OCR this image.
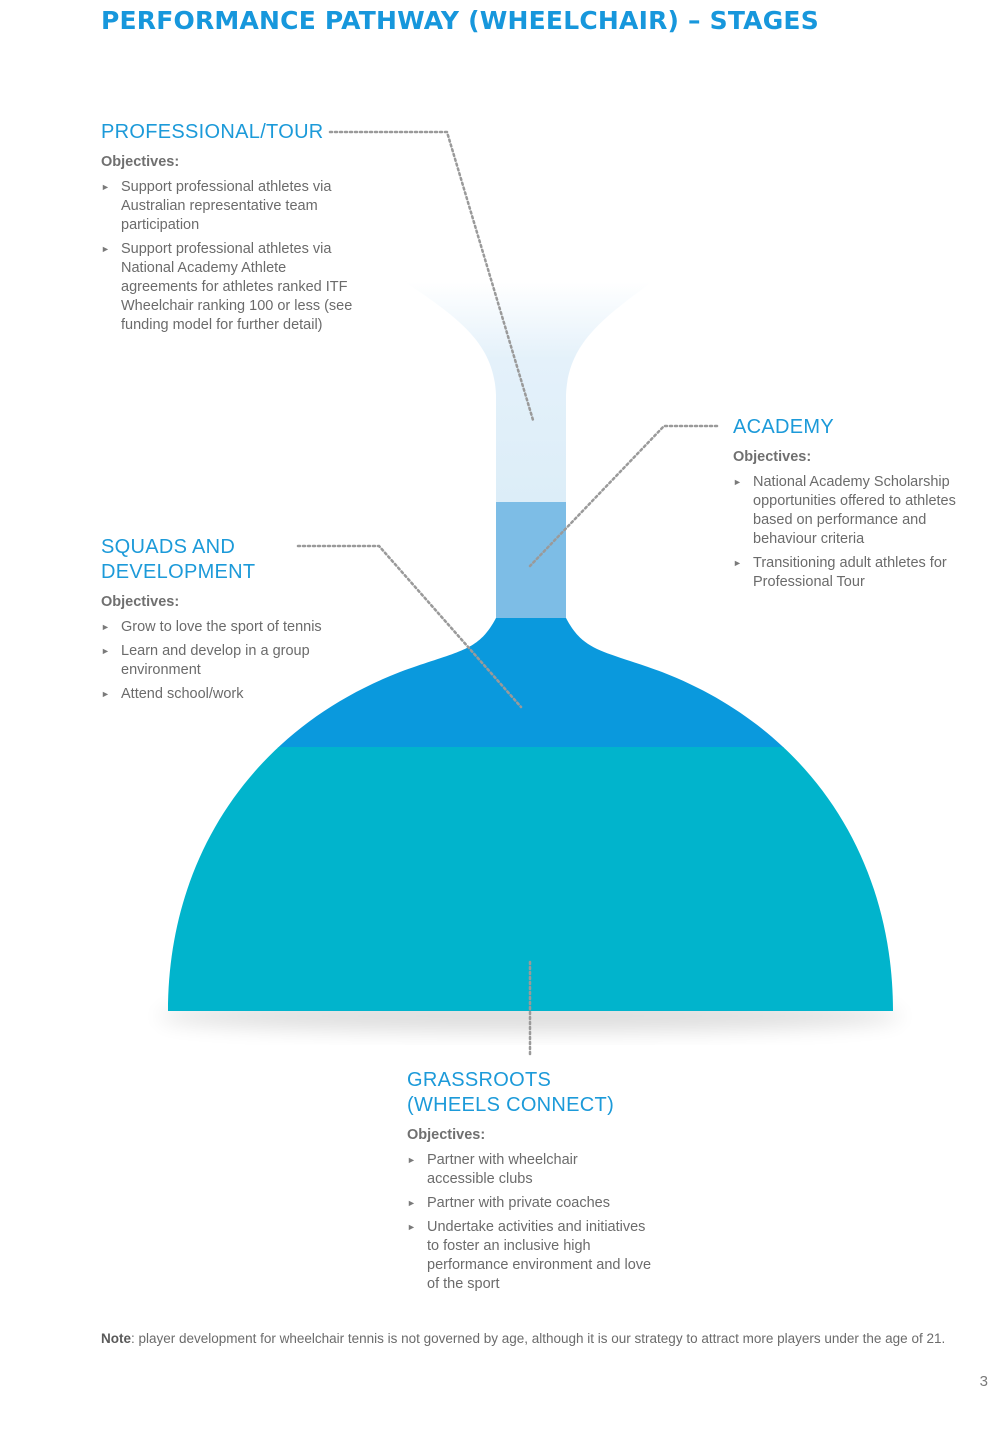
PERFORMANCE PATHWAY (WHEELCHAIR) – STAGES
PROFESSIONAL/TOUR
Objectives:
► Support professional athletes via Australian representative team participation
► Support professional athletes via National Academy Athlete agreements for athletes ranked ITF Wheelchair ranking 100 or less (see funding model for further detail)
ACADEMY
Objectives:
► National Academy Scholarship opportunities offered to athletes based on performance and behaviour criteria
► Transitioning adult athletes for Professional Tour
SQUADS AND
DEVELOPMENT
Objectives:
► Grow to love the sport of tennis
► Learn and develop in a group environment
► Attend school/work
GRASSROOTS
(WHEELS CONNECT)
Objectives:
► Partner with wheelchair accessible clubs
► Partner with private coaches
► Undertake activities and initiatives to foster an inclusive high performance environment and love of the sport

Note: player development for wheelchair tennis is not governed by age, although it is our strategy to attract more players under the age of 21.

3
